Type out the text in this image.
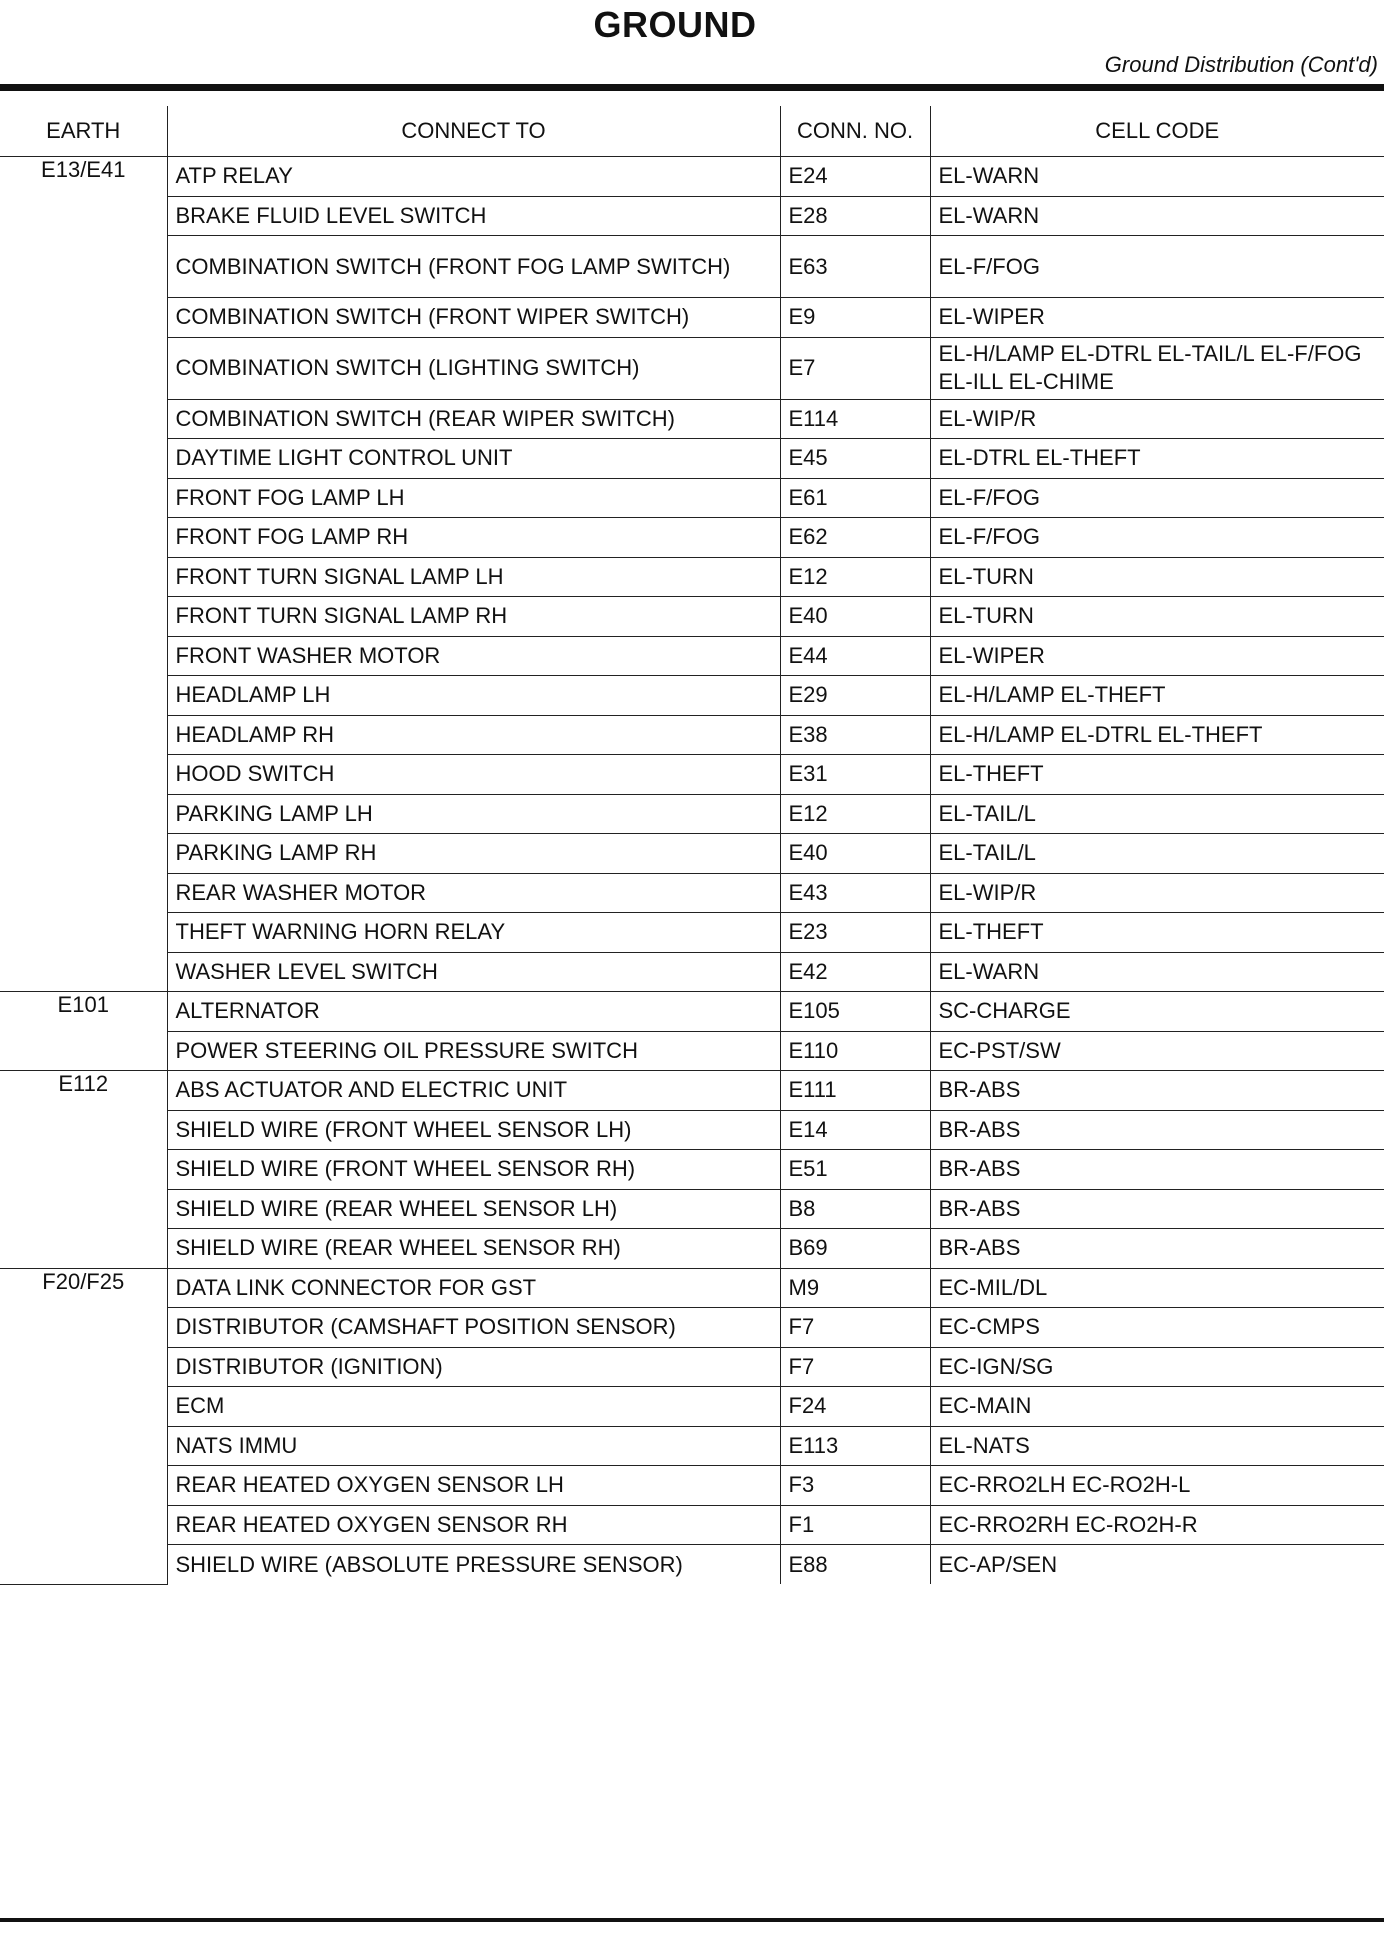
GROUND
Ground Distribution (Cont'd)
EARTH	CONNECT TO	CONN. NO.	CELL CODE
E13/E41	ATP RELAY	E24	EL-WARN
	BRAKE FLUID LEVEL SWITCH	E28	EL-WARN
	COMBINATION SWITCH (FRONT FOG LAMP SWITCH)	E63	EL-F/FOG
	COMBINATION SWITCH (FRONT WIPER SWITCH)	E9	EL-WIPER
	COMBINATION SWITCH (LIGHTING SWITCH)	E7	EL-H/LAMP EL-DTRL EL-TAIL/L EL-F/FOG EL-ILL EL-CHIME
	COMBINATION SWITCH (REAR WIPER SWITCH)	E114	EL-WIP/R
	DAYTIME LIGHT CONTROL UNIT	E45	EL-DTRL EL-THEFT
	FRONT FOG LAMP LH	E61	EL-F/FOG
	FRONT FOG LAMP RH	E62	EL-F/FOG
	FRONT TURN SIGNAL LAMP LH	E12	EL-TURN
	FRONT TURN SIGNAL LAMP RH	E40	EL-TURN
	FRONT WASHER MOTOR	E44	EL-WIPER
	HEADLAMP LH	E29	EL-H/LAMP EL-THEFT
	HEADLAMP RH	E38	EL-H/LAMP EL-DTRL EL-THEFT
	HOOD SWITCH	E31	EL-THEFT
	PARKING LAMP LH	E12	EL-TAIL/L
	PARKING LAMP RH	E40	EL-TAIL/L
	REAR WASHER MOTOR	E43	EL-WIP/R
	THEFT WARNING HORN RELAY	E23	EL-THEFT
	WASHER LEVEL SWITCH	E42	EL-WARN
E101	ALTERNATOR	E105	SC-CHARGE
	POWER STEERING OIL PRESSURE SWITCH	E110	EC-PST/SW
E112	ABS ACTUATOR AND ELECTRIC UNIT	E111	BR-ABS
	SHIELD WIRE (FRONT WHEEL SENSOR LH)	E14	BR-ABS
	SHIELD WIRE (FRONT WHEEL SENSOR RH)	E51	BR-ABS
	SHIELD WIRE (REAR WHEEL SENSOR LH)	B8	BR-ABS
	SHIELD WIRE (REAR WHEEL SENSOR RH)	B69	BR-ABS
F20/F25	DATA LINK CONNECTOR FOR GST	M9	EC-MIL/DL
	DISTRIBUTOR (CAMSHAFT POSITION SENSOR)	F7	EC-CMPS
	DISTRIBUTOR (IGNITION)	F7	EC-IGN/SG
	ECM	F24	EC-MAIN
	NATS IMMU	E113	EL-NATS
	REAR HEATED OXYGEN SENSOR LH	F3	EC-RRO2LH EC-RO2H-L
	REAR HEATED OXYGEN SENSOR RH	F1	EC-RRO2RH EC-RO2H-R
	SHIELD WIRE (ABSOLUTE PRESSURE SENSOR)	E88	EC-AP/SEN
